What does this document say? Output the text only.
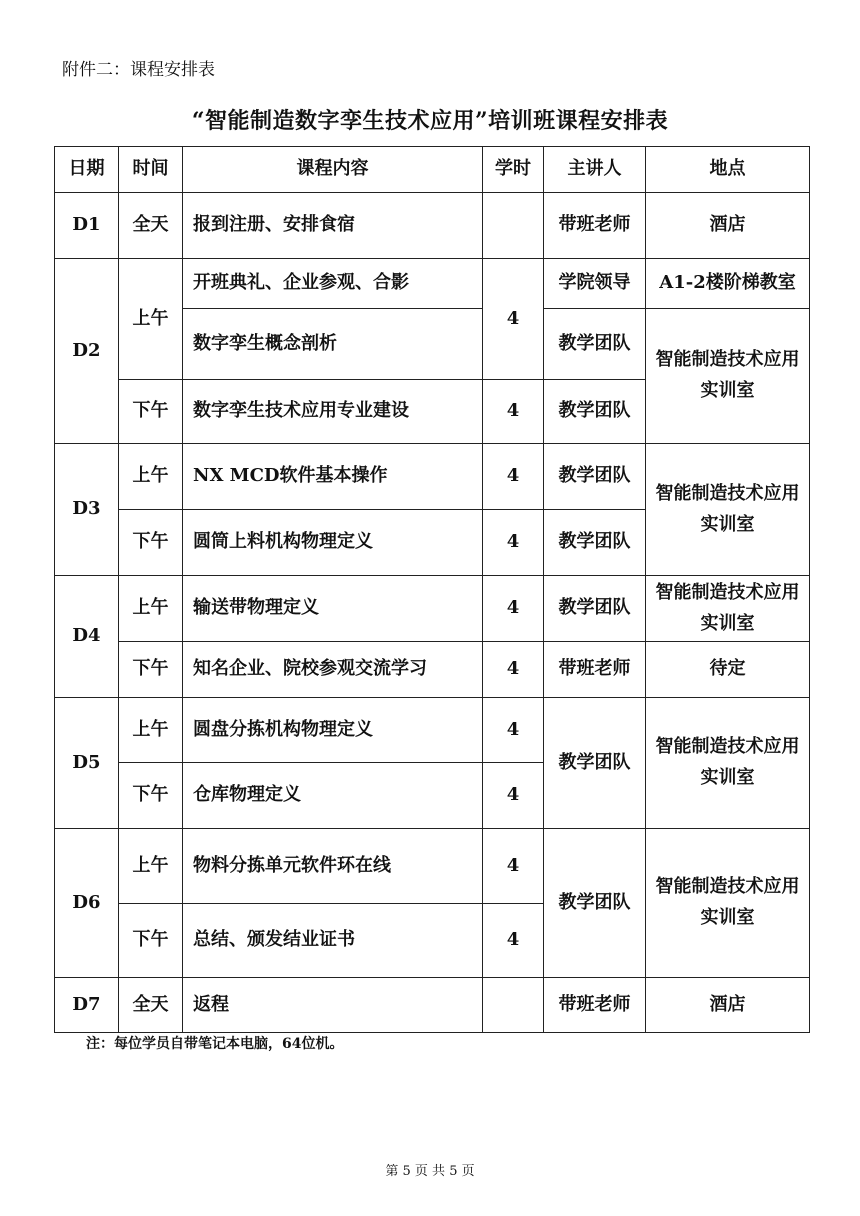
附件二：课程安排表
“智能制造数字孪生技术应用”培训班课程安排表
日期	时间	课程内容	学时	主讲人	地点
D1	全天	报到注册、安排食宿		带班老师	酒店
D2	上午	开班典礼、企业参观、合影	4	学院领导	A1-2楼阶梯教室
		数字孪生概念剖析		教学团队	智能制造技术应用实训室
	下午	数字孪生技术应用专业建设	4	教学团队	
D3	上午	NX MCD软件基本操作	4	教学团队	智能制造技术应用实训室
	下午	圆筒上料机构物理定义	4	教学团队	
D4	上午	输送带物理定义	4	教学团队	智能制造技术应用实训室
	下午	知名企业、院校参观交流学习	4	带班老师	待定
D5	上午	圆盘分拣机构物理定义	4	教学团队	智能制造技术应用实训室
	下午	仓库物理定义	4		
D6	上午	物料分拣单元软件环在线	4	教学团队	智能制造技术应用实训室
	下午	总结、颁发结业证书	4		
D7	全天	返程		带班老师	酒店
注：每位学员自带笔记本电脑，64位机。
第 5 页 共 5 页
